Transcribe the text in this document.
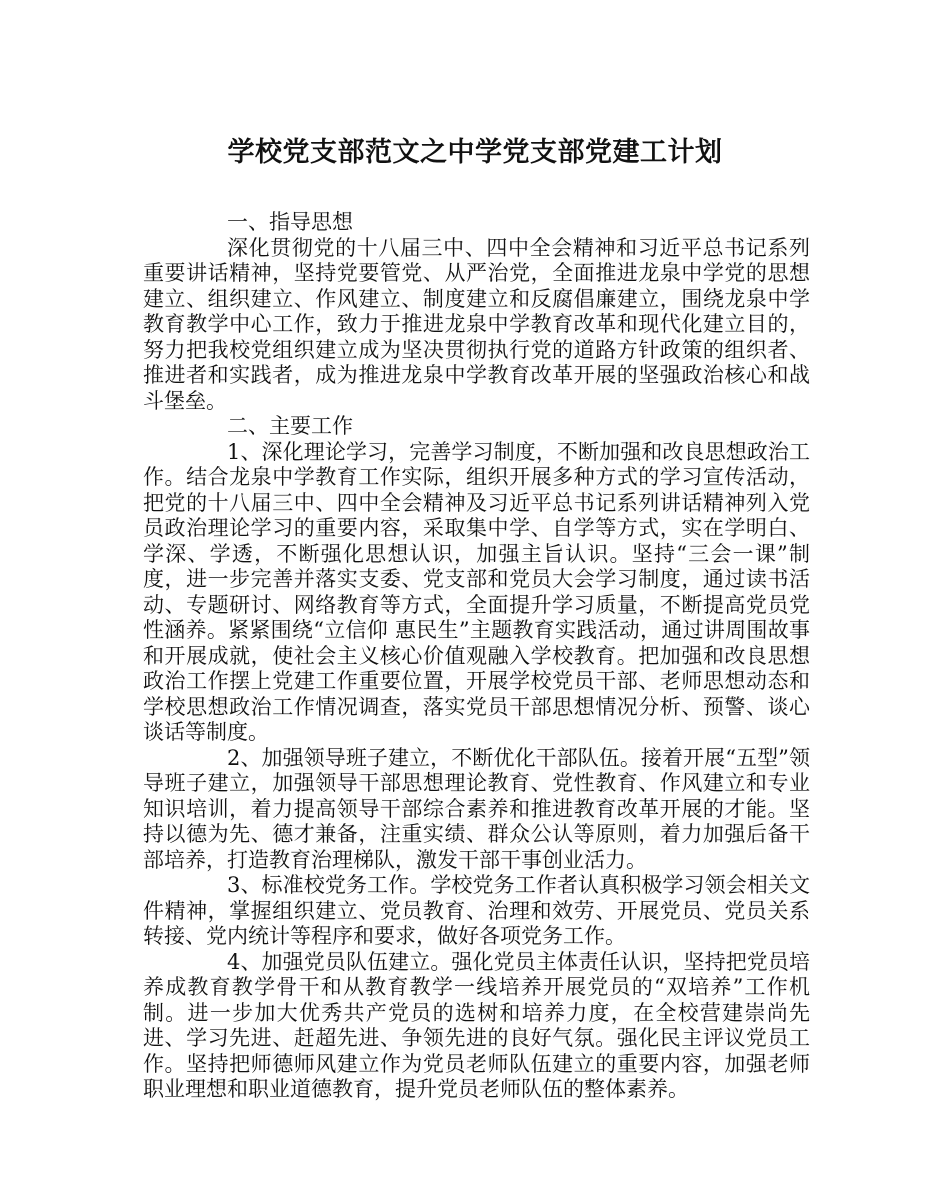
学校党支部范文之中学党支部党建工计划

一、指导思想

深化贯彻党的十八届三中、四中全会精神和习近平总书记系列重要讲话精神，坚持党要管党、从严治党，全面推进龙泉中学党的思想建立、组织建立、作风建立、制度建立和反腐倡廉建立，围绕龙泉中学教育教学中心工作，致力于推进龙泉中学教育改革和现代化建立目的，努力把我校党组织建立成为坚决贯彻执行党的道路方针政策的组织者、推进者和实践者，成为推进龙泉中学教育改革开展的坚强政治核心和战斗堡垒。

二、主要工作

1、深化理论学习，完善学习制度，不断加强和改良思想政治工作。结合龙泉中学教育工作实际，组织开展多种方式的学习宣传活动，把党的十八届三中、四中全会精神及习近平总书记系列讲话精神列入党员政治理论学习的重要内容，采取集中学、自学等方式，实在学明白、学深、学透，不断强化思想认识，加强主旨认识。坚持“三会一课”制度，进一步完善并落实支委、党支部和党员大会学习制度，通过读书活动、专题研讨、网络教育等方式，全面提升学习质量，不断提高党员党性涵养。紧紧围绕“立信仰 惠民生”主题教育实践活动，通过讲周围故事和开展成就，使社会主义核心价值观融入学校教育。把加强和改良思想政治工作摆上党建工作重要位置，开展学校党员干部、老师思想动态和学校思想政治工作情况调查，落实党员干部思想情况分析、预警、谈心谈话等制度。

2、加强领导班子建立，不断优化干部队伍。接着开展“五型”领导班子建立，加强领导干部思想理论教育、党性教育、作风建立和专业知识培训，着力提高领导干部综合素养和推进教育改革开展的才能。坚持以德为先、德才兼备，注重实绩、群众公认等原则，着力加强后备干部培养，打造教育治理梯队，激发干部干事创业活力。

3、标准校党务工作。学校党务工作者认真积极学习领会相关文件精神，掌握组织建立、党员教育、治理和效劳、开展党员、党员关系转接、党内统计等程序和要求，做好各项党务工作。

4、加强党员队伍建立。强化党员主体责任认识，坚持把党员培养成教育教学骨干和从教育教学一线培养开展党员的“双培养”工作机制。进一步加大优秀共产党员的选树和培养力度，在全校营建崇尚先进、学习先进、赶超先进、争领先进的良好气氛。强化民主评议党员工作。坚持把师德师风建立作为党员老师队伍建立的重要内容，加强老师职业理想和职业道德教育，提升党员老师队伍的整体素养。
